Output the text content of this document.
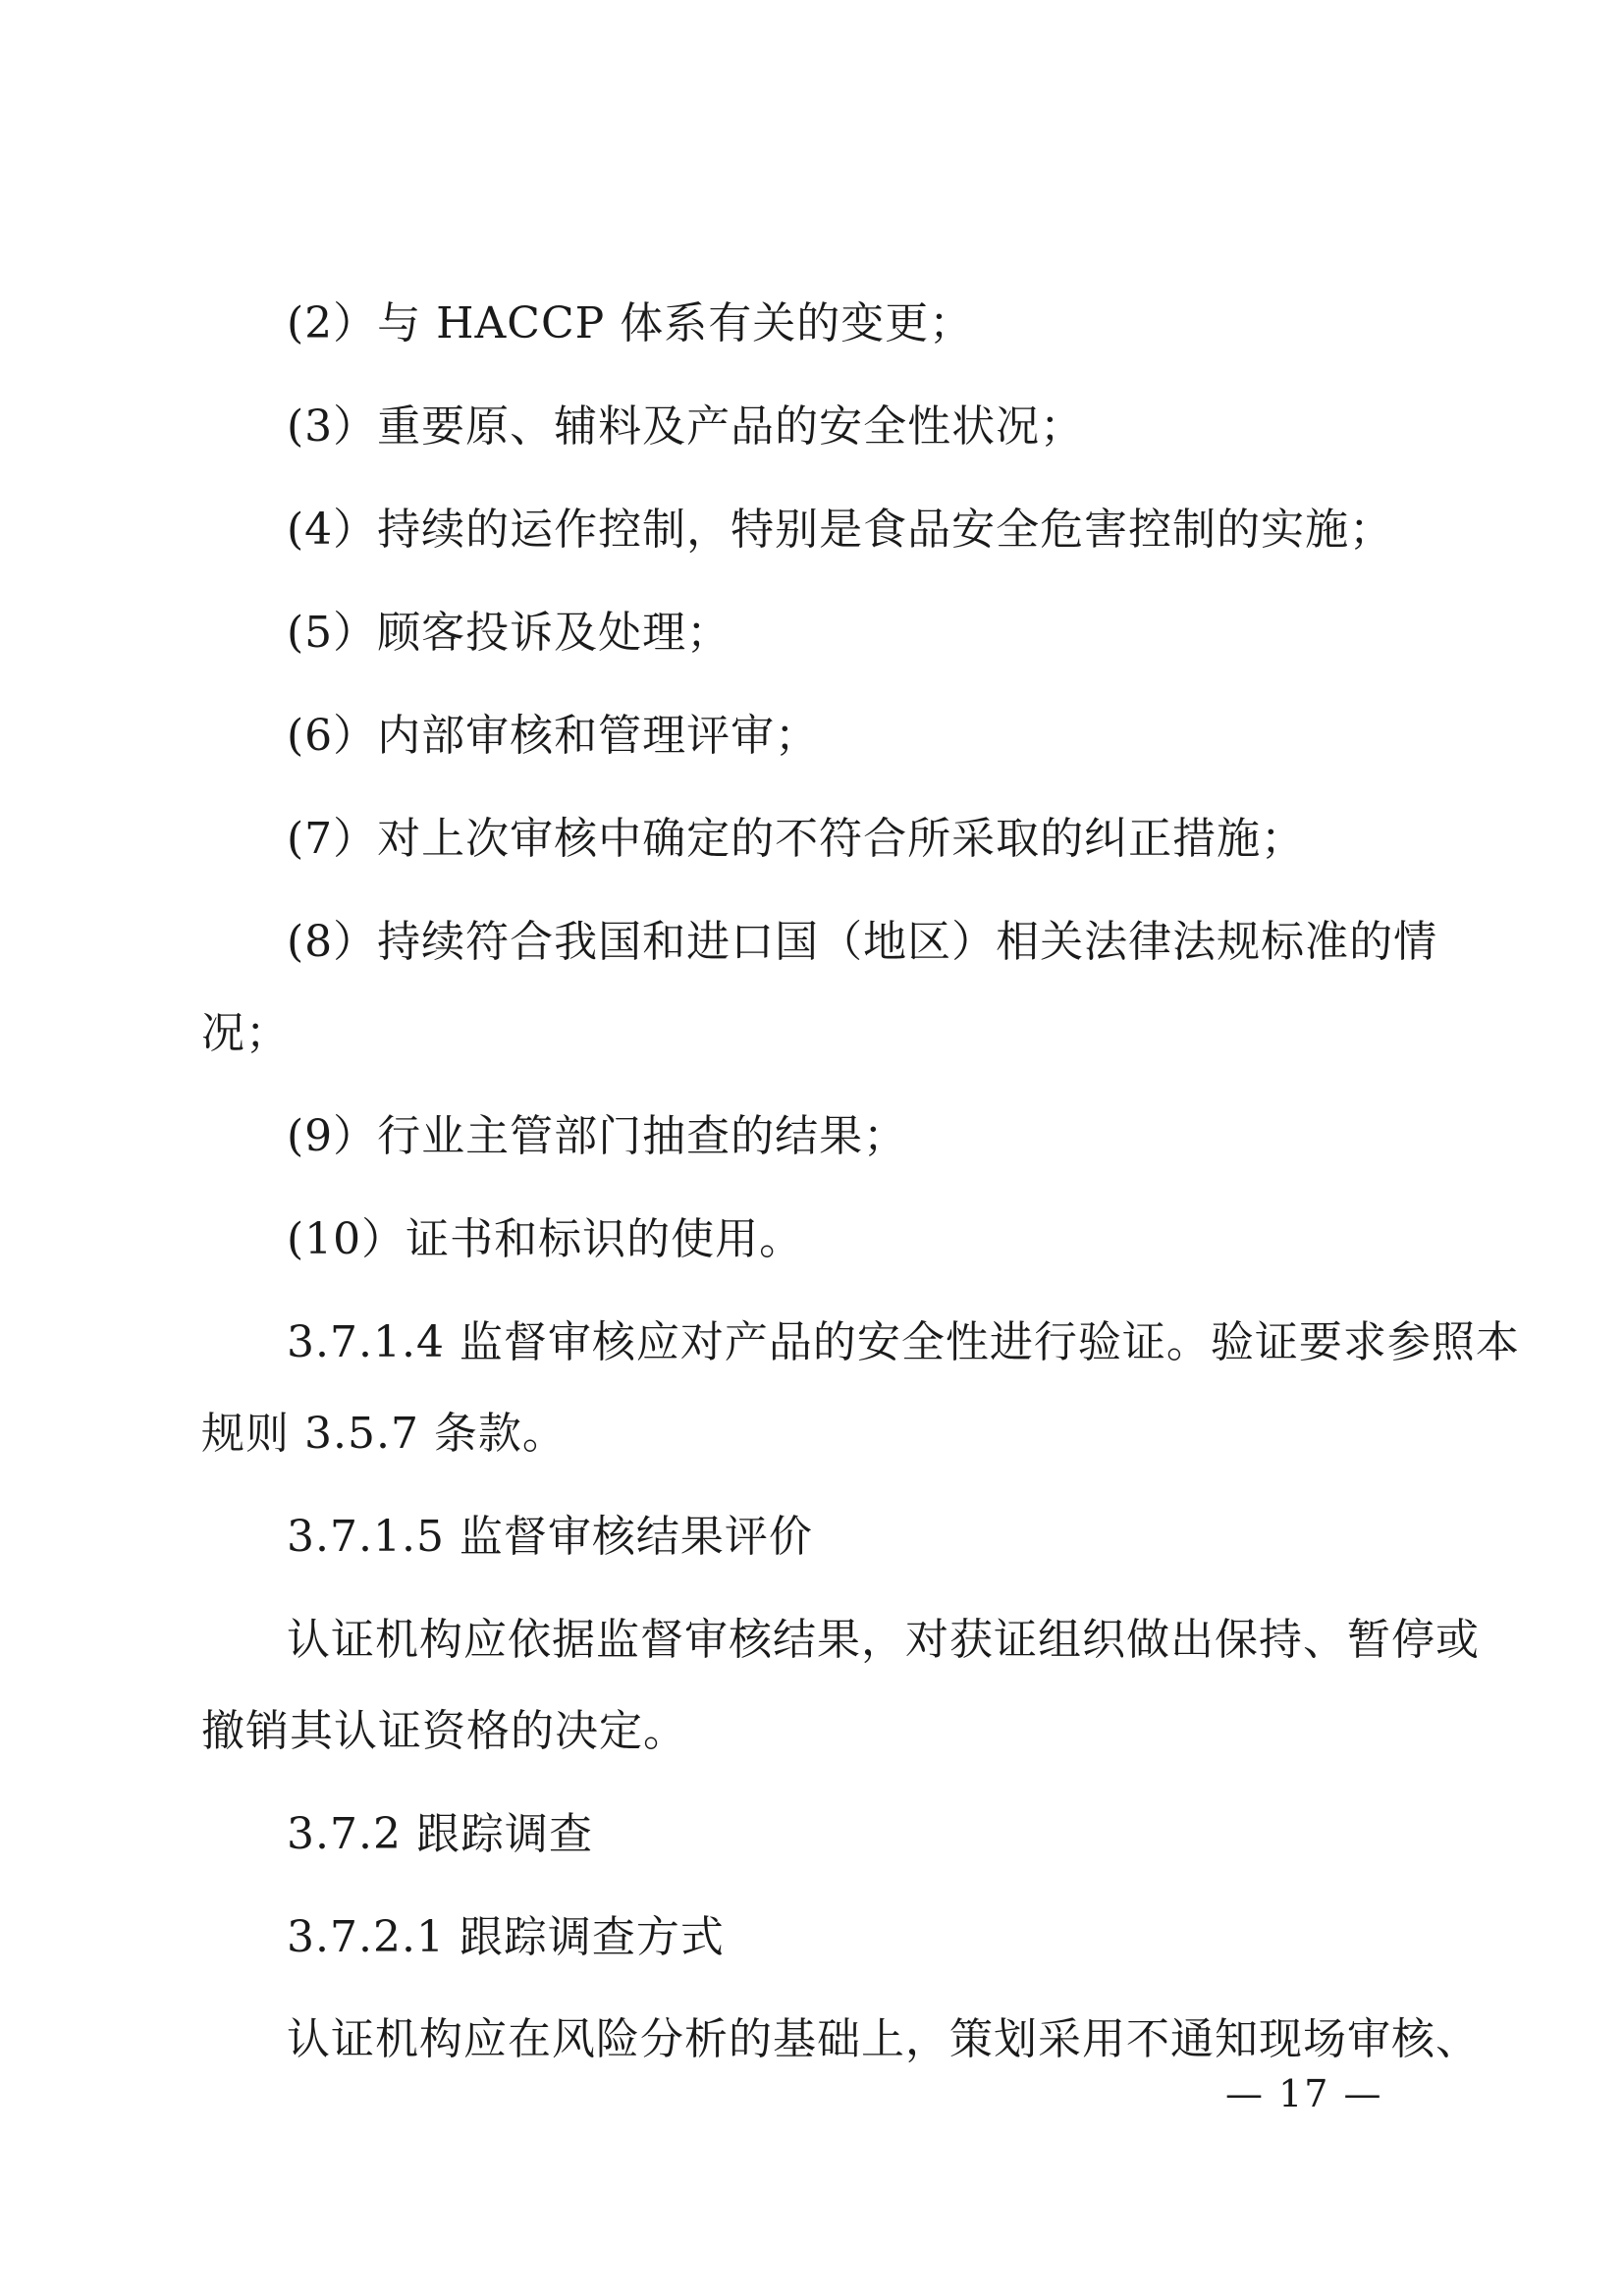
(2）与 HACCP 体系有关的变更；
(3）重要原、辅料及产品的安全性状况；
(4）持续的运作控制，特别是食品安全危害控制的实施；
(5）顾客投诉及处理；
(6）内部审核和管理评审；
(7）对上次审核中确定的不符合所采取的纠正措施；
(8）持续符合我国和进口国（地区）相关法律法规标准的情
况；
(9）行业主管部门抽查的结果；
(10）证书和标识的使用。
3.7.1.4 监督审核应对产品的安全性进行验证。验证要求参照本
规则 3.5.7 条款。
3.7.1.5 监督审核结果评价
认证机构应依据监督审核结果，对获证组织做出保持、暂停或
撤销其认证资格的决定。
3.7.2 跟踪调查
3.7.2.1 跟踪调查方式
认证机构应在风险分析的基础上，策划采用不通知现场审核、
— 17 —
